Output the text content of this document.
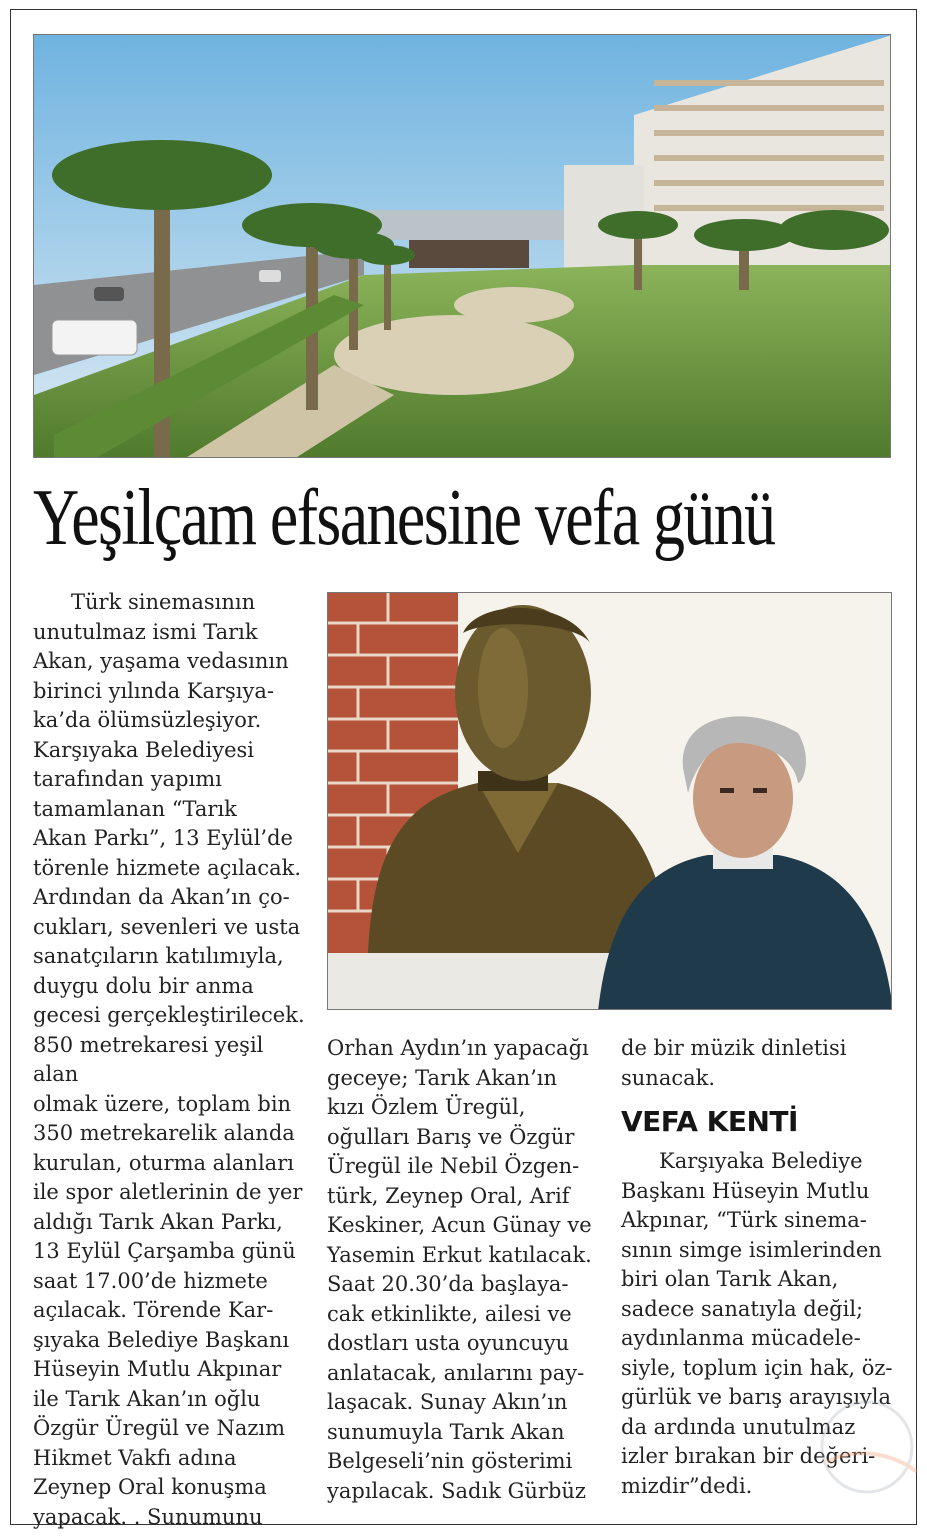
Yeşilçam efsanesine vefa günü

Türk sinemasının
unutulmaz ismi Tarık
Akan, yaşama vedasının
birinci yılında Karşıya-
ka’da ölümsüzleşiyor.
Karşıyaka Belediyesi
tarafından yapımı
tamamlanan “Tarık
Akan Parkı”, 13 Eylül’de
törenle hizmete açılacak.
Ardından da Akan’ın ço-
cukları, sevenleri ve usta
sanatçıların katılımıyla,
duygu dolu bir anma
gecesi gerçekleştirilecek.
850 metrekaresi yeşil alan
olmak üzere, toplam bin
350 metrekarelik alanda
kurulan, oturma alanları
ile spor aletlerinin de yer
aldığı Tarık Akan Parkı,
13 Eylül Çarşamba günü
saat 17.00’de hizmete
açılacak. Törende Kar-
şıyaka Belediye Başkanı
Hüseyin Mutlu Akpınar
ile Tarık Akan’ın oğlu
Özgür Üregül ve Nazım
Hikmet Vakfı adına
Zeynep Oral konuşma
yapacak. . Sunumunu

Orhan Aydın’ın yapacağı
geceye; Tarık Akan’ın
kızı Özlem Üregül,
oğulları Barış ve Özgür
Üregül ile Nebil Özgen-
türk, Zeynep Oral, Arif
Keskiner, Acun Günay ve
Yasemin Erkut katılacak.
Saat 20.30’da başlaya-
cak etkinlikte, ailesi ve
dostları usta oyuncuyu
anlatacak, anılarını pay-
laşacak. Sunay Akın’ın
sunumuyla Tarık Akan
Belgeseli’nin gösterimi
yapılacak. Sadık Gürbüz

de bir müzik dinletisi
sunacak.

VEFA KENTİ

Karşıyaka Belediye
Başkanı Hüseyin Mutlu
Akpınar, “Türk sinema-
sının simge isimlerinden
biri olan Tarık Akan,
sadece sanatıyla değil;
aydınlanma mücadele-
siyle, toplum için hak, öz-
gürlük ve barış arayışıyla
da ardında unutulmaz
izler bırakan bir değeri-
mizdir”dedi.
